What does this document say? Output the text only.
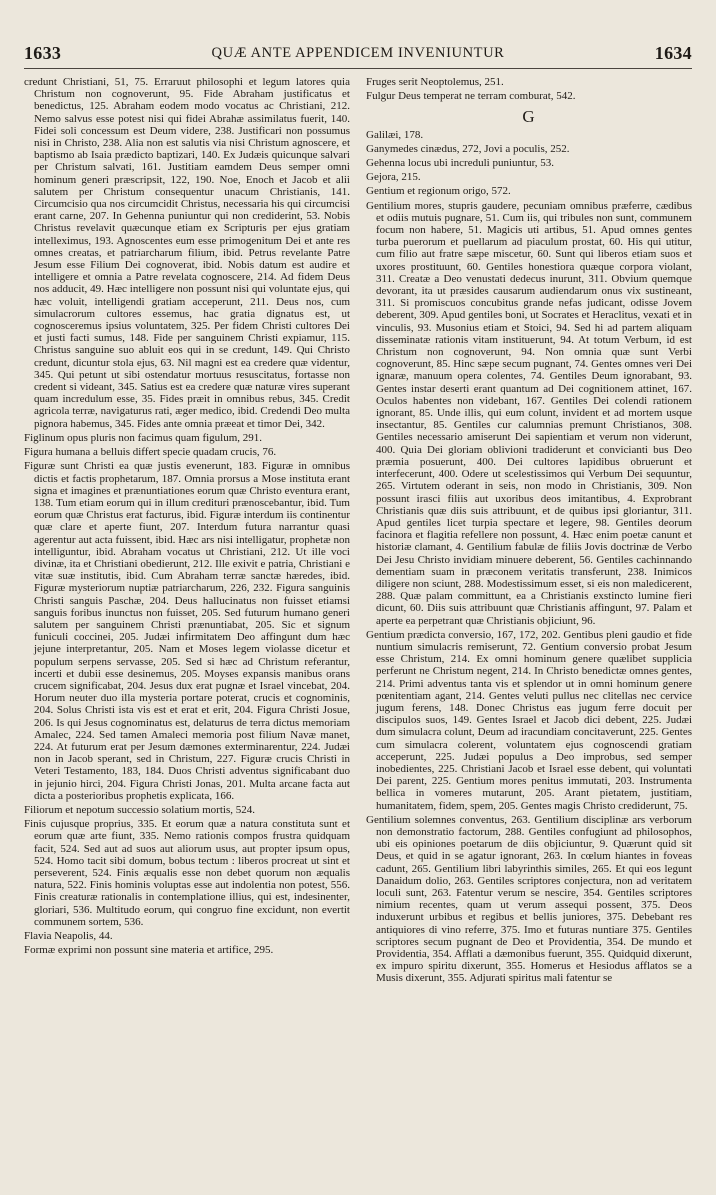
1633	QUÆ ANTE APPENDICEM INVENIUNTUR	1634

credunt Christiani, 51, 75. Erraruut philosophi et legum latores quia Christum non cognoverunt, 95. Fide Abraham justificatus et benedictus, 125. Abraham eodem modo vocatus ac Christiani, 212. Nemo salvus esse potest nisi qui fidei Abrahæ assimilatus fuerit, 140. Fidei soli concessum est Deum videre, 238. Justificari non possumus nisi in Christo, 238. Alia non est salutis via nisi Christum agnoscere, et baptismo ab Isaia prædicto baptizari, 140. Ex Judæis quicunque salvari per Christum salvati, 161. Justitiam eamdem Deus semper omni hominum generi præscripsit, 122, 190. Noe, Enoch et Jacob et alii salutem per Christum consequentur unacum Christianis, 141. Circumcisio qua nos circumcidit Christus, necessaria his qui circumcisi erant carne, 207. In Gehenna puniuntur qui non crediderint, 53. Nobis Christus revelavit quæcunque etiam ex Scripturis per ejus gratiam intelleximus, 193. Agnoscentes eum esse primogenitum Dei et ante res omnes creatas, et patriarcharum filium, ibid. Petrus revelante Patre Jesum esse Filium Dei cognoverat, ibid. Nobis datum est audire et intelligere et omnia a Patre revelata cognoscere, 214. Ad fidem Deus nos adducit, 49. Hæc intelligere non possunt nisi qui voluntate ejus, qui hæc voluit, intelligendi gratiam acceperunt, 211. Deus nos, cum simulacrorum cultores essemus, hac gratia dignatus est, ut cognosceremus ipsius voluntatem, 325. Per fidem Christi cultores Dei et justi facti sumus, 148. Fide per sanguinem Christi expiamur, 115. Christus sanguine suo abluit eos qui in se credunt, 149. Qui Christo credunt, dicuntur stola ejus, 63. Nil magni est ea credere quæ videntur, 345. Qui petunt ut sibi ostendatur mortuus resuscitatus, fortasse non credent si videant, 345. Satius est ea credere quæ naturæ vires superant quam incredulum esse, 35. Fides præit in omnibus rebus, 345. Credit agricola terræ, navigaturus rati, æger medico, ibid. Credendi Deo multa pignora habemus, 345. Fides ante omnia præeat et timor Dei, 342.

Figlinum opus pluris non facimus quam figulum, 291.

Figura humana a belluis differt specie quadam crucis, 76.

Figuræ sunt Christi ea quæ justis evenerunt, 183. Figuræ in omnibus dictis et factis prophetarum, 187. Omnia prorsus a Mose instituta erant signa et imagines et prænuntiationes eorum quæ Christo eventura erant, 138. Tum etiam eorum qui in illum credituri prænoscebantur, ibid. Tum eorum quæ Christus erat facturus, ibid. Figuræ interdum iis continentur quæ clare et aperte fiunt, 207. Interdum futura narrantur quasi agerentur aut acta fuissent, ibid. Hæc ars nisi intelligatur, prophetæ non intelliguntur, ibid. Abraham vocatus ut Christiani, 212. Ut ille voci divinæ, ita et Christiani obedierunt, 212. Ille exivit e patria, Christiani e vitæ suæ institutis, ibid. Cum Abraham terræ sanctæ hæredes, ibid. Figuræ mysteriorum nuptiæ patriarcharum, 226, 232. Figura sanguinis Christi sanguis Paschæ, 204. Deus hallucinatus non fuisset etiamsi sanguis foribus inunctus non fuisset, 205. Sed futurum humano generi salutem per sanguinem Christi prænuntiabat, 205. Sic et signum funiculi coccinei, 205. Judæi infirmitatem Deo affingunt dum hæc jejune interpretantur, 205. Nam et Moses legem violasse dicetur et populum serpens servasse, 205. Sed si hæc ad Christum referantur, incerti et dubii esse desinemus, 205. Moyses expansis manibus orans crucem significabat, 204. Jesus dux erat pugnæ et Israel vincebat, 204. Horum neuter duo illa mysteria portare poterat, crucis et cognominis, 204. Solus Christi ista vis est et erat et erit, 204. Figura Christi Josue, 206. Is qui Jesus cognominatus est, delaturus de terra dictus memoriam Amalec, 224. Sed tamen Amaleci memoria post filium Navæ manet, 224. At futurum erat per Jesum dæmones exterminarentur, 224. Judæi non in Jacob sperant, sed in Christum, 227. Figuræ crucis Christi in Veteri Testamento, 183, 184. Duos Christi adventus significabant duo in jejunio hirci, 204. Figura Christi Jonas, 201. Multa arcane facta aut dicta a posterioribus prophetis explicata, 166.

Filiorum et nepotum successio solatium mortis, 524.

Finis cujusque proprius, 335. Et eorum quæ a natura constituta sunt et eorum quæ arte fiunt, 335. Nemo rationis compos frustra quidquam facit, 524. Sed aut ad suos aut aliorum usus, aut propter ipsum opus, 524. Homo tacit sibi domum, bobus tectum : liberos procreat ut sint et perseverent, 524. Finis æqualis esse non debet quorum non æqualis natura, 522. Finis hominis voluptas esse aut indolentia non potest, 556. Finis creaturæ rationalis in contemplatione illius, qui est, indesinenter, gloriari, 536. Multitudo eorum, qui congruo fine excidunt, non evertit communem sortem, 536.

Flavia Neapolis, 44.

Formæ exprimi non possunt sine materia et artifice, 295.

Fruges serit Neoptolemus, 251.

Fulgur Deus temperat ne terram comburat, 542.

G

Galilæi, 178.

Ganymedes cinædus, 272, Jovi a poculis, 252.

Gehenna locus ubi increduli puniuntur, 53.

Gejora, 215.

Gentium et regionum origo, 572.

Gentilium mores, stupris gaudere, pecuniam omnibus præferre, cædibus et odiis mutuis pugnare, 51. Cum iis, qui tribules non sunt, communem focum non habere, 51. Magicis uti artibus, 51. Apud omnes gentes turba puerorum et puellarum ad piaculum prostat, 60. His qui utitur, cum filio aut fratre sæpe miscetur, 60. Sunt qui liberos etiam suos et uxores prostituunt, 60. Gentiles honestiora quæque corpora violant, 311. Creatæ a Deo venustati dedecus inurunt, 311. Obvium quemque devorant, ita ut præsides causarum audiendarum onus vix sustineant, 311. Si promiscuos concubitus grande nefas judicant, odisse Jovem deberent, 309. Apud gentiles boni, ut Socrates et Heraclitus, vexati et in vinculis, 93. Musonius etiam et Stoici, 94. Sed hi ad partem aliquam disseminatæ rationis vitam instituerunt, 94. At totum Verbum, id est Christum non cognoverunt, 94. Non omnia quæ sunt Verbi cognoverunt, 85. Hinc sæpe secum pugnant, 74. Gentes omnes veri Dei ignaræ, manuum opera colentes, 74. Gentiles Deum ignorabant, 93. Gentes instar deserti erant quantum ad Dei cognitionem attinet, 167. Oculos habentes non videbant, 167. Gentiles Dei colendi rationem ignorant, 85. Unde illis, qui eum colunt, invident et ad mortem usque insectantur, 85. Gentiles cur calumnias premunt Christianos, 308. Gentiles necessario amiserunt Dei sapientiam et verum non viderunt, 400. Quia Dei gloriam oblivioni tradiderunt et convicianti bus Deo præmia posuerunt, 400. Dei cultores lapidibus obruerunt et interfecerunt, 400. Odere ut scelestissimos qui Verbum Dei sequuntur, 265. Virtutem oderant in seis, non modo in Christianis, 309. Non possunt irasci filiis aut uxoribus deos imitantibus, 4. Exprobrant Christianis quæ diis suis attribuunt, et de quibus ipsi gloriantur, 311. Apud gentiles licet turpia spectare et legere, 98. Gentiles deorum facinora et flagitia refellere non possunt, 4. Hæc enim poetæ canunt et historiæ clamant, 4. Gentilium fabulæ de filiis Jovis doctrinæ de Verbo Dei Jesu Christo invidiam minuere deberent, 56. Gentiles cachinnando dementiam suam in præconem veritatis transferunt, 238. Inimicos diligere non sciunt, 288. Modestissimum esset, si eis non maledicerent, 288. Quæ palam committunt, ea a Christianis exstincto lumine fieri dicunt, 60. Diis suis attribuunt quæ Christianis affingunt, 97. Palam et aperte ea perpetrant quæ Christianis objiciunt, 96.

Gentium prædicta conversio, 167, 172, 202. Gentibus pleni gaudio et fide nuntium simulacris remiserunt, 72. Gentium conversio probat Jesum esse Christum, 214. Ex omni hominum genere quælibet supplicia perferunt ne Christum negent, 214. In Christo benedictæ omnes gentes, 214. Primi adventus tanta vis et splendor ut in omni hominum genere pœnitentiam agant, 214. Gentes veluti pullus nec clitellas nec cervice jugum ferens, 148. Donec Christus eas jugum ferre docuit per discipulos suos, 149. Gentes Israel et Jacob dici debent, 225. Judæi dum simulacra colunt, Deum ad iracundiam concitaverunt, 225. Gentes cum simulacra colerent, voluntatem ejus cognoscendi gratiam acceperunt, 225. Judæi populus a Deo improbus, sed semper inobedientes, 225. Christiani Jacob et Israel esse debent, qui voluntati Dei parent, 225. Gentium mores penitus immutati, 203. Instrumenta bellica in vomeres mutarunt, 205. Arant pietatem, justitiam, humanitatem, fidem, spem, 205. Gentes magis Christo crediderunt, 75.

Gentilium solemnes conventus, 263. Gentilium disciplinæ ars verborum non demonstratio factorum, 288. Gentiles confugiunt ad philosophos, ubi eis opiniones poetarum de diis objiciuntur, 9. Quærunt quid sit Deus, et quid in se agatur ignorant, 263. In cœlum hiantes in foveas cadunt, 265. Gentilium libri labyrinthis similes, 265. Et qui eos legunt Danaidum dolio, 263. Gentiles scriptores conjectura, non ad veritatem loculi sunt, 263. Fatentur verum se nescire, 354. Gentiles scriptores nimium recentes, quam ut verum assequi possent, 375. Deos induxerunt urbibus et regibus et bellis juniores, 375. Debebant res antiquiores di vino referre, 375. Imo et futuras nuntiare 375. Gentiles scriptores secum pugnant de Deo et Providentia, 354. De mundo et Providentia, 354. Afflati a dæmonibus fuerunt, 355. Quidquid dixerunt, ex impuro spiritu dixerunt, 355. Homerus et Hesiodus afflatos se a Musis dixerunt, 355. Adjurati spiritus mali fatentur se
